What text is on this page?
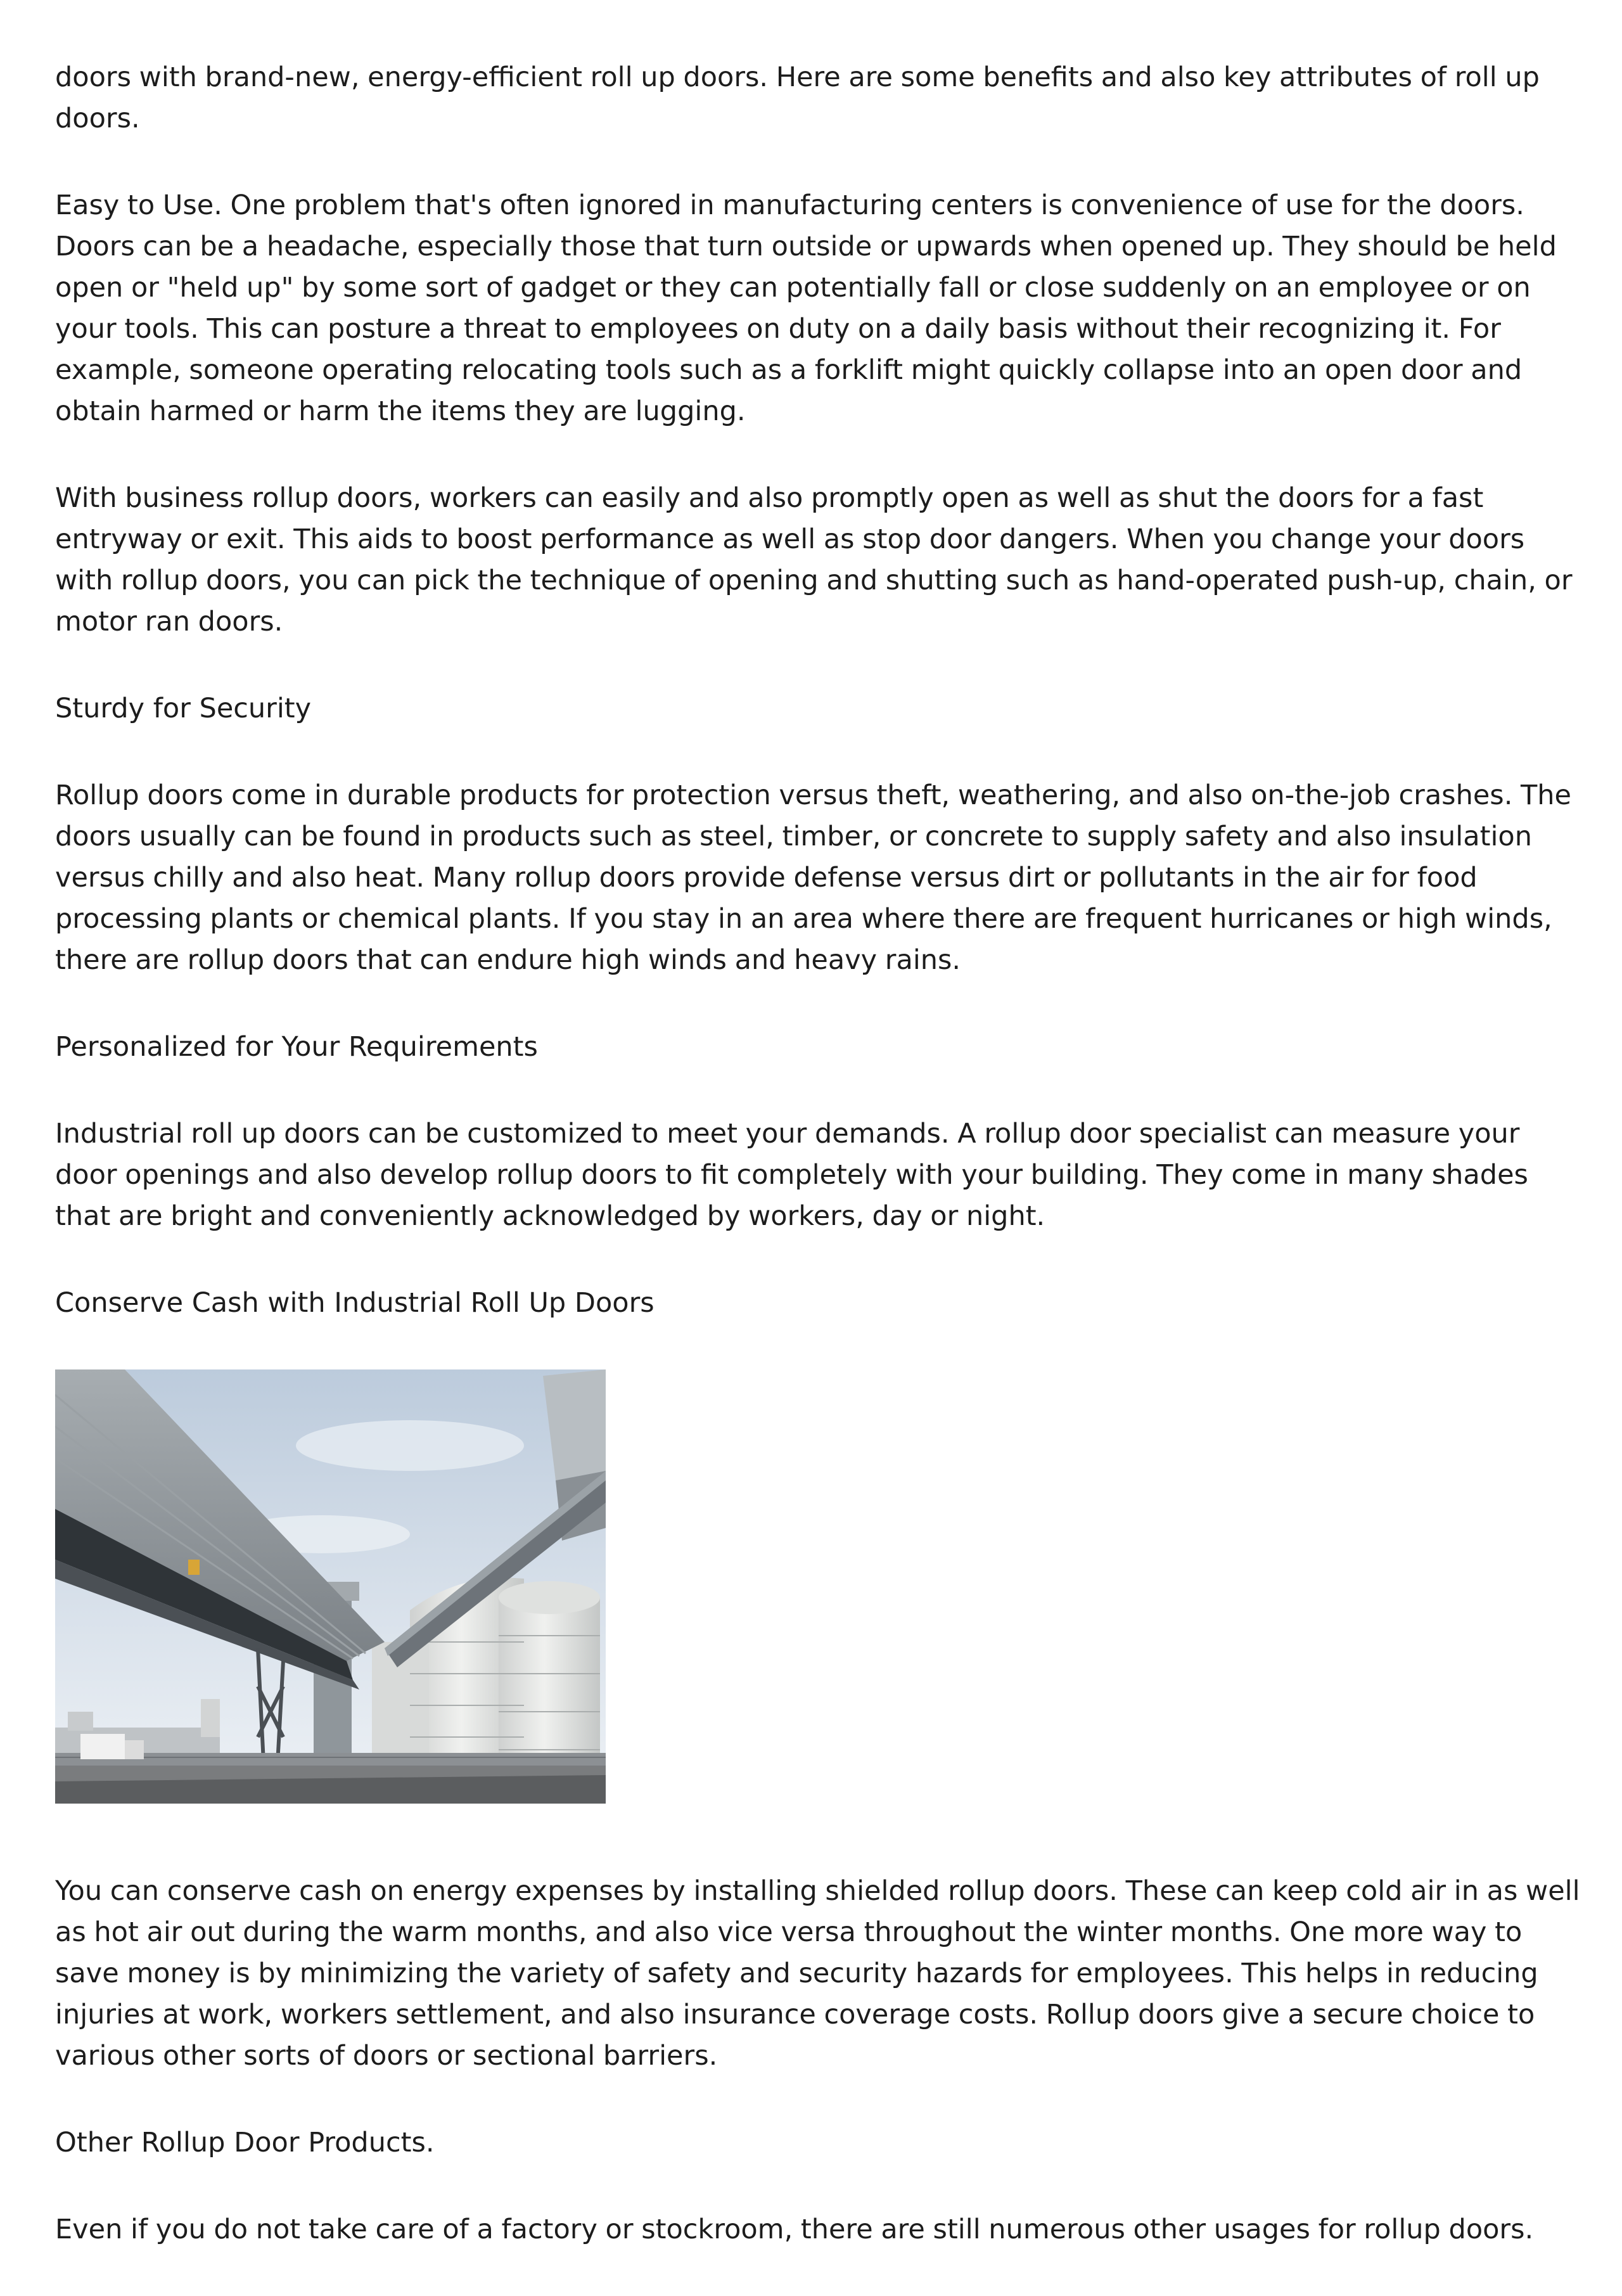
doors with brand-new, energy-efficient roll up doors. Here are some benefits and also key attributes of roll up doors.

Easy to Use. One problem that's often ignored in manufacturing centers is convenience of use for the doors. Doors can be a headache, especially those that turn outside or upwards when opened up. They should be held open or "held up" by some sort of gadget or they can potentially fall or close suddenly on an employee or on your tools. This can posture a threat to employees on duty on a daily basis without their recognizing it. For example, someone operating relocating tools such as a forklift might quickly collapse into an open door and obtain harmed or harm the items they are lugging.

With business rollup doors, workers can easily and also promptly open as well as shut the doors for a fast entryway or exit. This aids to boost performance as well as stop door dangers. When you change your doors with rollup doors, you can pick the technique of opening and shutting such as hand-operated push-up, chain, or motor ran doors.

Sturdy for Security

Rollup doors come in durable products for protection versus theft, weathering, and also on-the-job crashes. The doors usually can be found in products such as steel, timber, or concrete to supply safety and also insulation versus chilly and also heat. Many rollup doors provide defense versus dirt or pollutants in the air for food processing plants or chemical plants. If you stay in an area where there are frequent hurricanes or high winds, there are rollup doors that can endure high winds and heavy rains.

Personalized for Your Requirements

Industrial roll up doors can be customized to meet your demands. A rollup door specialist can measure your door openings and also develop rollup doors to fit completely with your building. They come in many shades that are bright and conveniently acknowledged by workers, day or night.

Conserve Cash with Industrial Roll Up Doors

You can conserve cash on energy expenses by installing shielded rollup doors. These can keep cold air in as well as hot air out during the warm months, and also vice versa throughout the winter months. One more way to save money is by minimizing the variety of safety and security hazards for employees. This helps in reducing injuries at work, workers settlement, and also insurance coverage costs. Rollup doors give a secure choice to various other sorts of doors or sectional barriers.

Other Rollup Door Products.

Even if you do not take care of a factory or stockroom, there are still numerous other usages for rollup doors.
